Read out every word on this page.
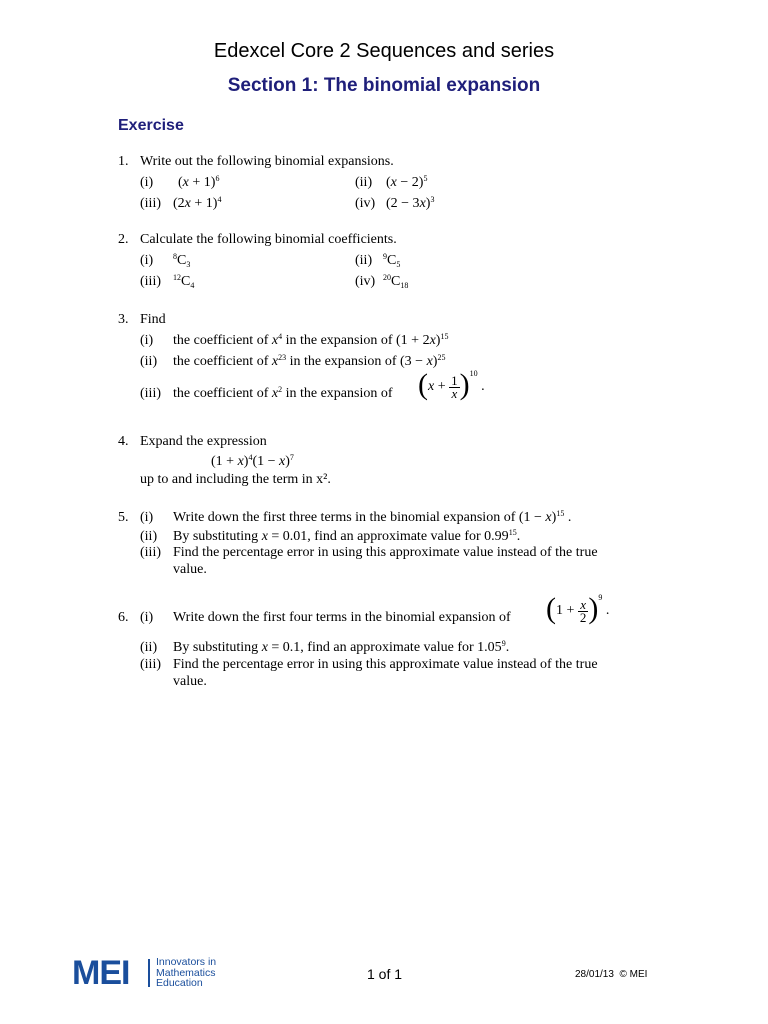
Edexcel Core 2 Sequences and series
Section 1: The binomial expansion
Exercise
1. Write out the following binomial expansions.
(i) $(x + 1)^6$	(ii) $(x - 2)^5$
(iii) $(2x + 1)^4$	(iv) $(2 - 3x)^3$
2. Calculate the following binomial coefficients.
(i) $^8C_3$	(ii) $^9C_5$
(iii) $^{12}C_4$	(iv) $^{20}C_{18}$
3. Find
(i) the coefficient of $x^4$ in the expansion of $(1 + 2x)^{15}$
(ii) the coefficient of $x^{23}$ in the expansion of $(3 - x)^{25}$
(iii) the coefficient of $x^2$ in the expansion of $(x + \frac{1}{x} )^{10}$ .
4. Expand the expression
$(1 + x)^4(1 - x)^7$
up to and including the term in x².
5. (i) Write down the first three terms in the binomial expansion of $(1 - x)^{15}$ .
(ii) By substituting x = 0.01, find an approximate value for 0.99$^{15}$.
(iii) Find the percentage error in using this approximate value instead of the true
value.
6. (i) Write down the first four terms in the binomial expansion of $(1 + \frac{x}{2} )^9$ .
(ii) By substituting x = 0.1, find an approximate value for 1.05$^9$.
(iii) Find the percentage error in using this approximate value instead of the true
value.
MEI	Innovators in
Mathematics
Education
1 of 1	28/01/13 © MEI
